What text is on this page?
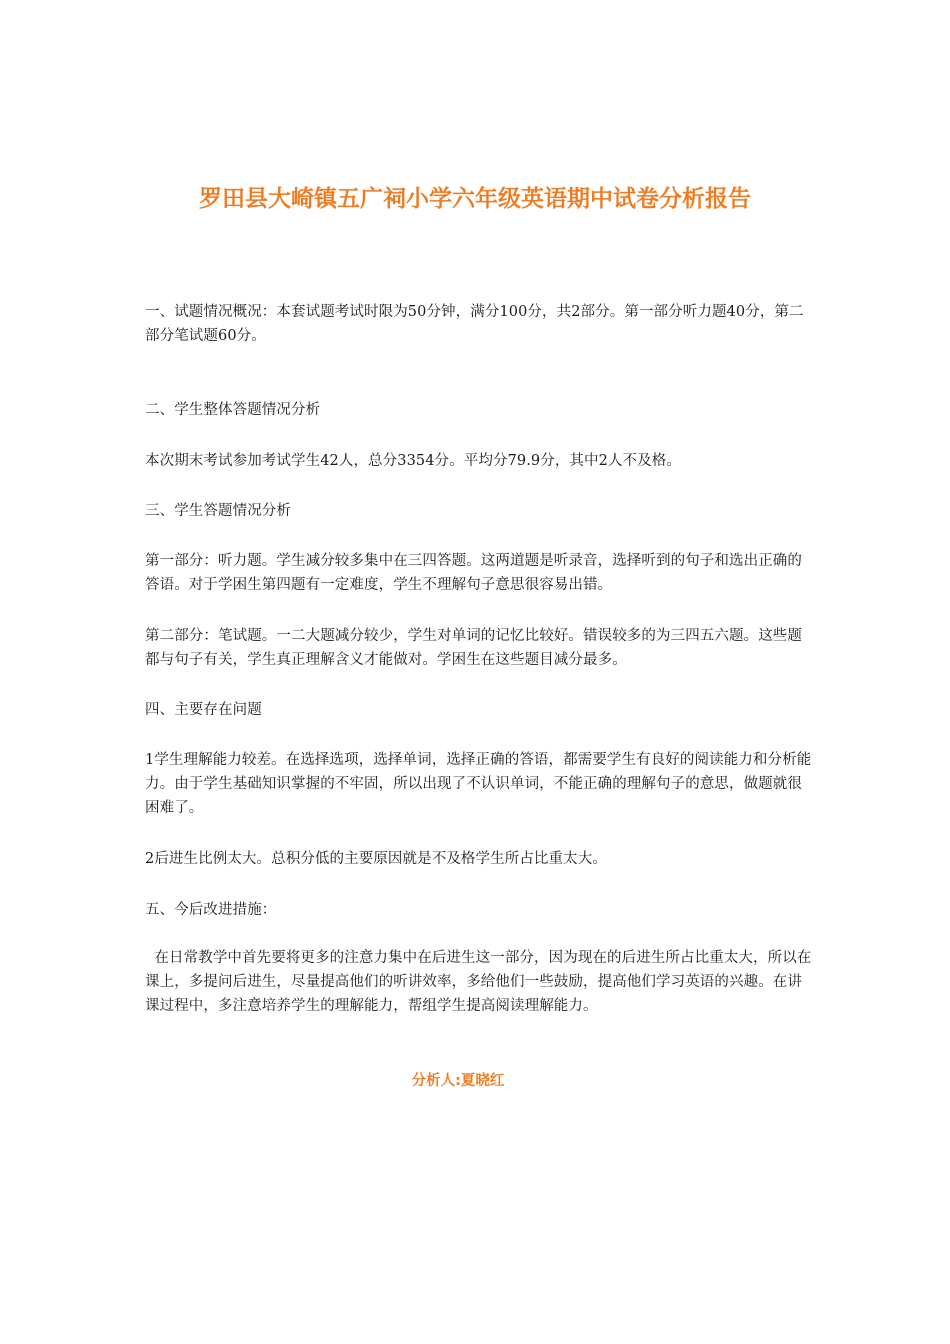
罗田县大崎镇五广祠小学六年级英语期中试卷分析报告

一、试题情况概况：本套试题考试时限为50分钟，满分100分，共2部分。第一部分听力题40分，第二部分笔试题60分。

二、学生整体答题情况分析

本次期末考试参加考试学生42人，总分3354分。平均分79.9分，其中2人不及格。

三、学生答题情况分析

第一部分：听力题。学生减分较多集中在三四答题。这两道题是听录音，选择听到的句子和选出正确的答语。对于学困生第四题有一定难度，学生不理解句子意思很容易出错。

第二部分：笔试题。一二大题减分较少，学生对单词的记忆比较好。错误较多的为三四五六题。这些题都与句子有关，学生真正理解含义才能做对。学困生在这些题目减分最多。

四、主要存在问题

1学生理解能力较差。在选择选项，选择单词，选择正确的答语，都需要学生有良好的阅读能力和分析能力。由于学生基础知识掌握的不牢固，所以出现了不认识单词，不能正确的理解句子的意思，做题就很困难了。

2后进生比例太大。总积分低的主要原因就是不及格学生所占比重太大。

五、今后改进措施：

在日常教学中首先要将更多的注意力集中在后进生这一部分，因为现在的后进生所占比重太大，所以在课上，多提问后进生，尽量提高他们的听讲效率，多给他们一些鼓励，提高他们学习英语的兴趣。在讲课过程中，多注意培养学生的理解能力，帮组学生提高阅读理解能力。

分析人:夏晓红
